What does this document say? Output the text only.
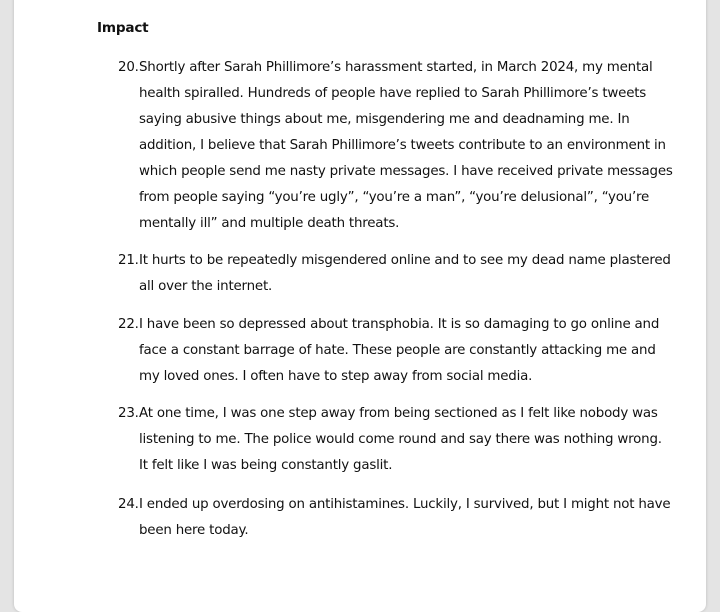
Impact
20. Shortly after Sarah Phillimore’s harassment started, in March 2024, my mental
health spiralled. Hundreds of people have replied to Sarah Phillimore’s tweets
saying abusive things about me, misgendering me and deadnaming me. In
addition, I believe that Sarah Phillimore’s tweets contribute to an environment in
which people send me nasty private messages. I have received private messages
from people saying “you’re ugly”, “you’re a man”, “you’re delusional”, “you’re
mentally ill” and multiple death threats.
21. It hurts to be repeatedly misgendered online and to see my dead name plastered
all over the internet.
22. I have been so depressed about transphobia. It is so damaging to go online and
face a constant barrage of hate. These people are constantly attacking me and
my loved ones. I often have to step away from social media.
23. At one time, I was one step away from being sectioned as I felt like nobody was
listening to me. The police would come round and say there was nothing wrong.
It felt like I was being constantly gaslit.
24. I ended up overdosing on antihistamines. Luckily, I survived, but I might not have
been here today.
